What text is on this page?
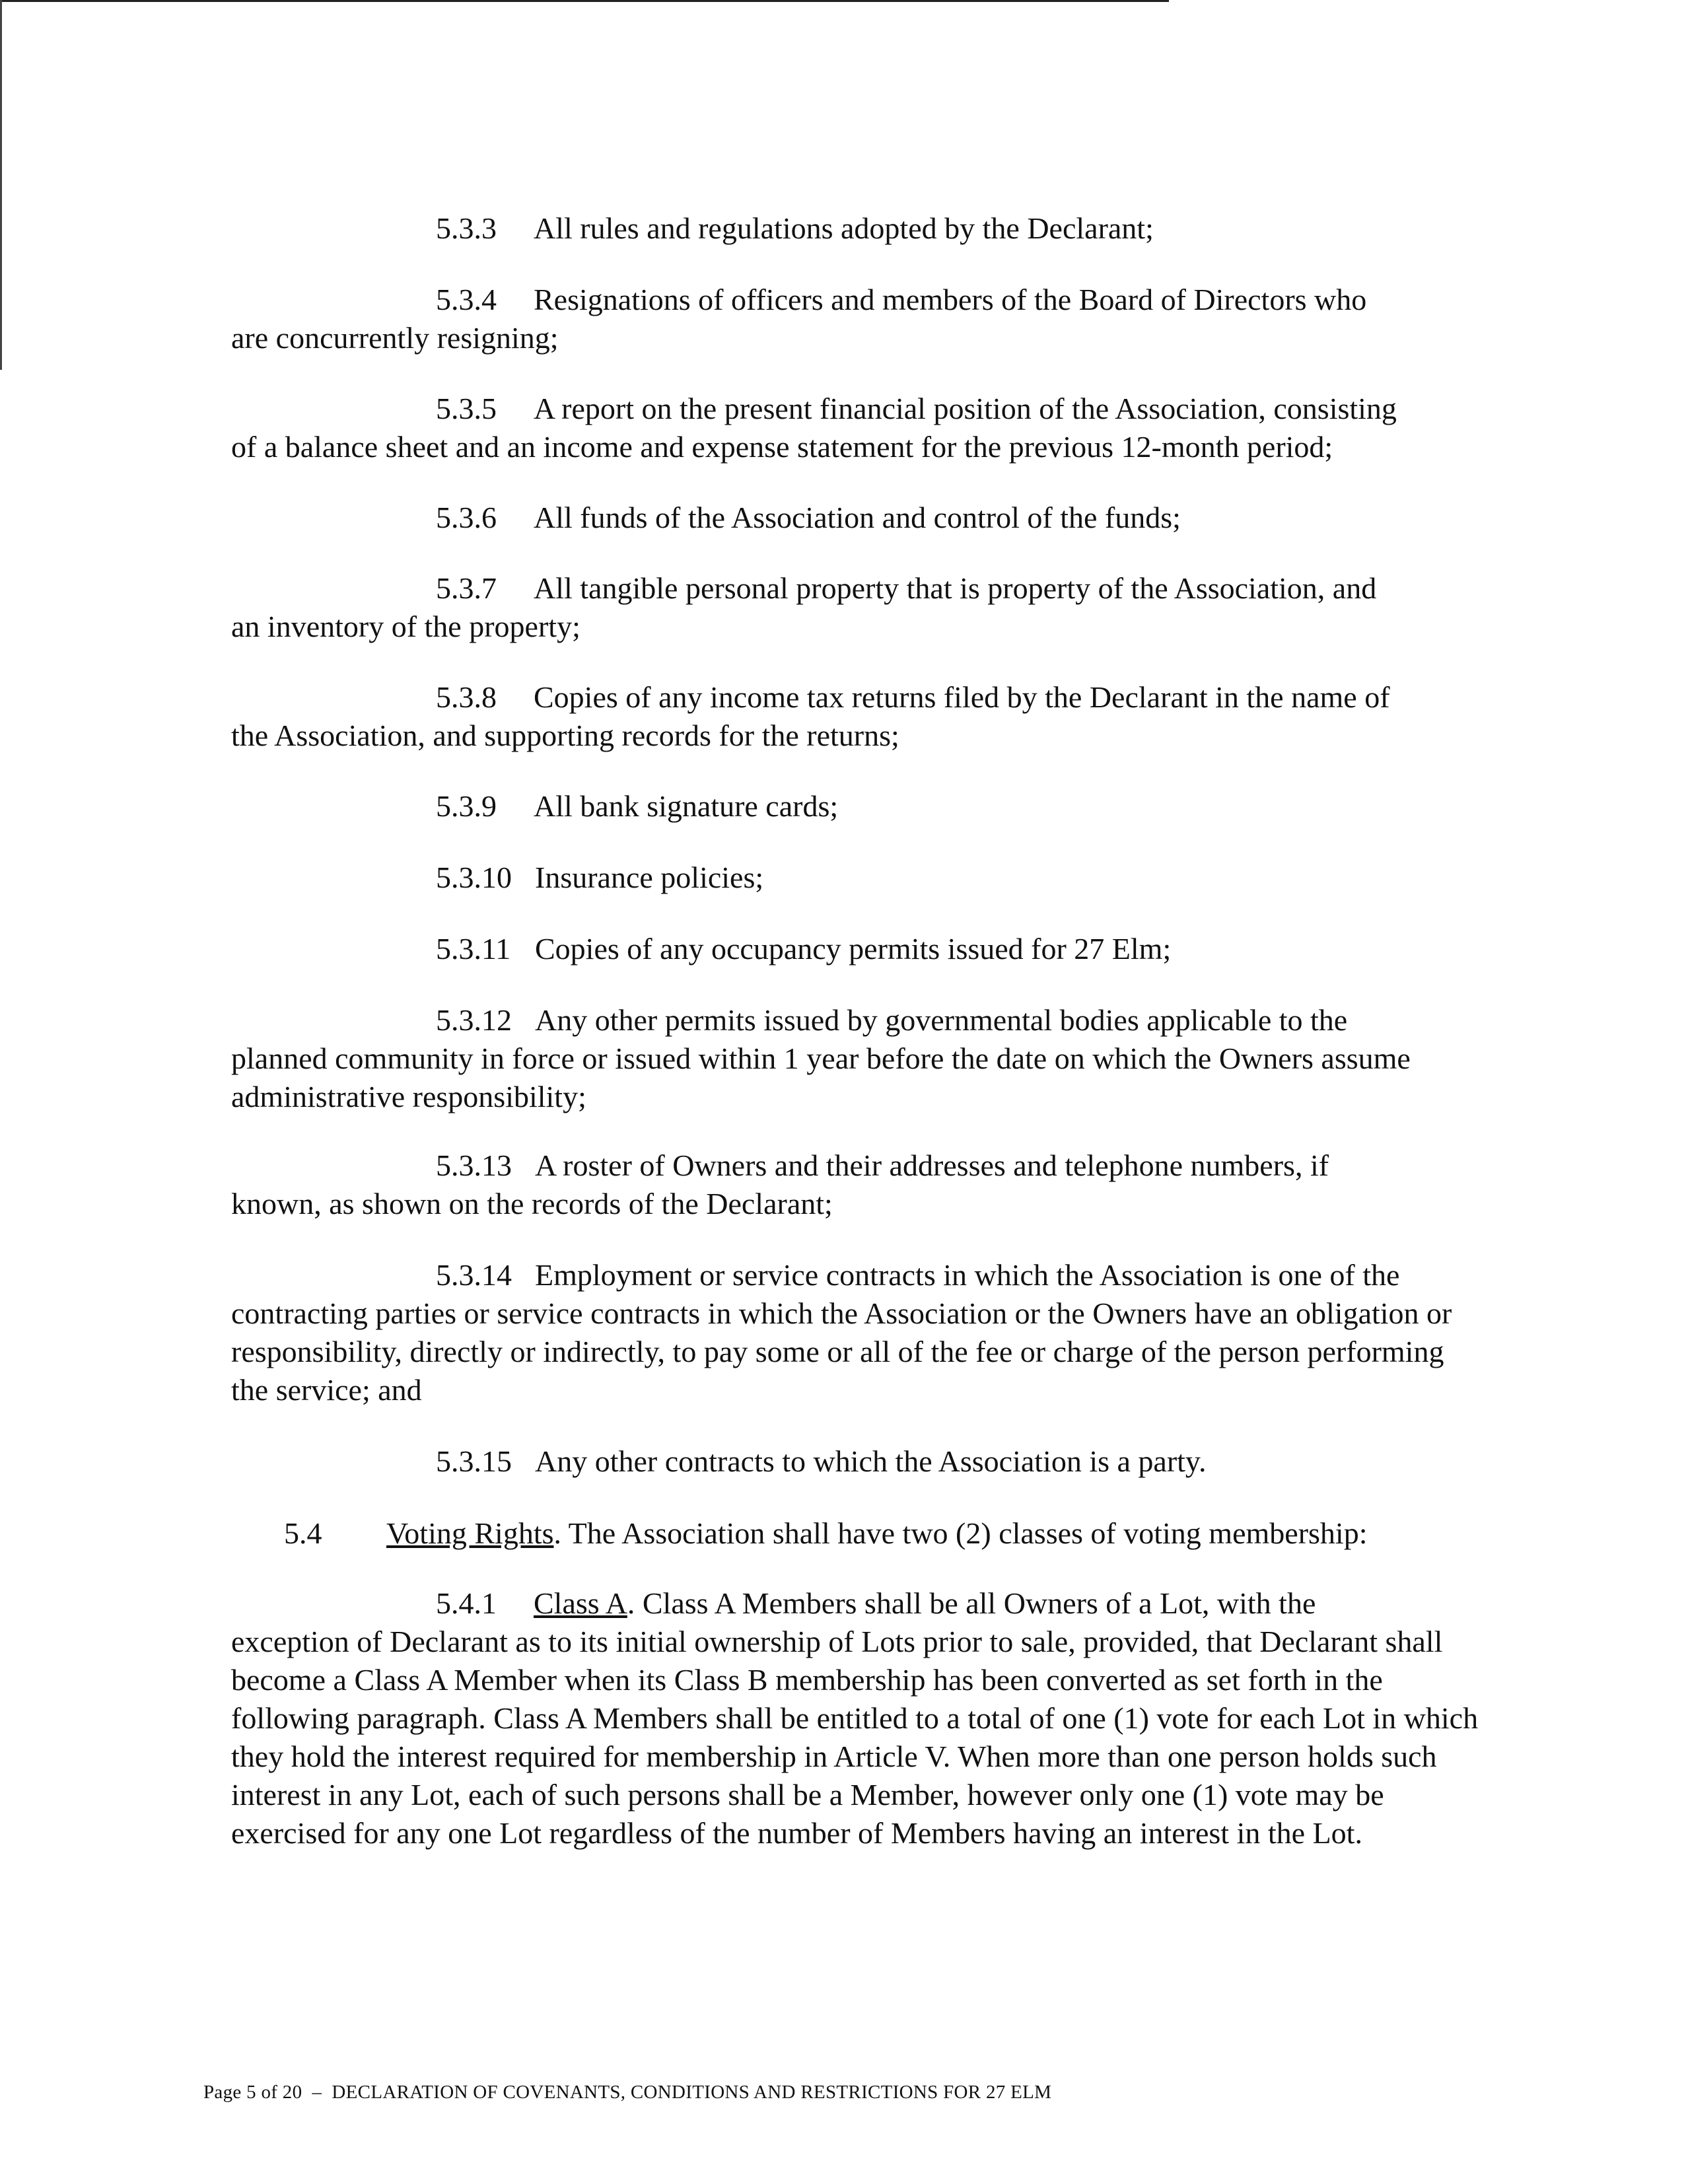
5.3.3 All rules and regulations adopted by the Declarant;

5.3.4 Resignations of officers and members of the Board of Directors who
are concurrently resigning;

5.3.5 A report on the present financial position of the Association, consisting
of a balance sheet and an income and expense statement for the previous 12-month period;

5.3.6 All funds of the Association and control of the funds;

5.3.7 All tangible personal property that is property of the Association, and
an inventory of the property;

5.3.8 Copies of any income tax returns filed by the Declarant in the name of
the Association, and supporting records for the returns;

5.3.9 All bank signature cards;

5.3.10 Insurance policies;

5.3.11 Copies of any occupancy permits issued for 27 Elm;

5.3.12 Any other permits issued by governmental bodies applicable to the
planned community in force or issued within 1 year before the date on which the Owners assume administrative responsibility;

5.3.13 A roster of Owners and their addresses and telephone numbers, if
known, as shown on the records of the Declarant;

5.3.14 Employment or service contracts in which the Association is one of the
contracting parties or service contracts in which the Association or the Owners have an obligation or responsibility, directly or indirectly, to pay some or all of the fee or charge of the person performing the service; and

5.3.15 Any other contracts to which the Association is a party.

5.4 Voting Rights. The Association shall have two (2) classes of voting membership:

5.4.1 Class A. Class A Members shall be all Owners of a Lot, with the
exception of Declarant as to its initial ownership of Lots prior to sale, provided, that Declarant shall become a Class A Member when its Class B membership has been converted as set forth in the following paragraph. Class A Members shall be entitled to a total of one (1) vote for each Lot in which they hold the interest required for membership in Article V. When more than one person holds such interest in any Lot, each of such persons shall be a Member, however only one (1) vote may be exercised for any one Lot regardless of the number of Members having an interest in the Lot.

Page 5 of 20  –  DECLARATION OF COVENANTS, CONDITIONS AND RESTRICTIONS FOR 27 ELM
